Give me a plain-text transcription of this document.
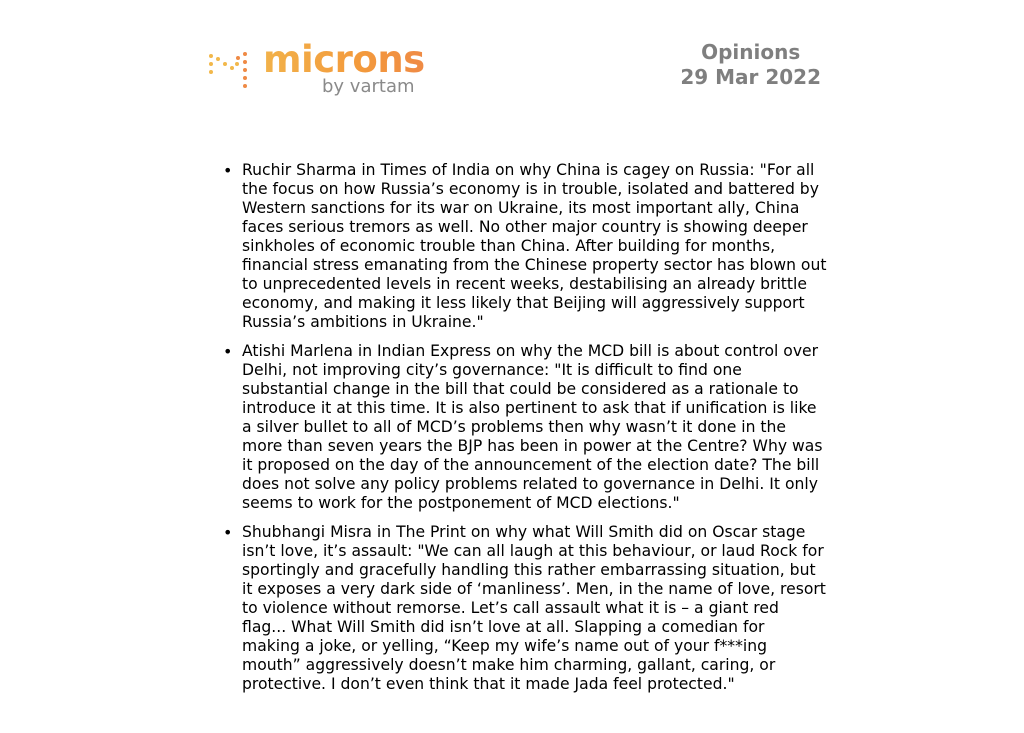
microns
by vartam
Opinions
29 Mar 2022
• Ruchir Sharma in Times of India on why China is cagey on Russia: "For all the focus on how Russia’s economy is in trouble, isolated and battered by Western sanctions for its war on Ukraine, its most important ally, China faces serious tremors as well. No other major country is showing deeper sinkholes of economic trouble than China. After building for months, financial stress emanating from the Chinese property sector has blown out to unprecedented levels in recent weeks, destabilising an already brittle economy, and making it less likely that Beijing will aggressively support Russia’s ambitions in Ukraine."
• Atishi Marlena in Indian Express on why the MCD bill is about control over Delhi, not improving city’s governance: "It is difficult to find one substantial change in the bill that could be considered as a rationale to introduce it at this time. It is also pertinent to ask that if unification is like a silver bullet to all of MCD’s problems then why wasn’t it done in the more than seven years the BJP has been in power at the Centre? Why was it proposed on the day of the announcement of the election date? The bill does not solve any policy problems related to governance in Delhi. It only seems to work for the postponement of MCD elections."
• Shubhangi Misra in The Print on why what Will Smith did on Oscar stage isn’t love, it’s assault: "We can all laugh at this behaviour, or laud Rock for sportingly and gracefully handling this rather embarrassing situation, but it exposes a very dark side of ‘manliness’. Men, in the name of love, resort to violence without remorse. Let’s call assault what it is – a giant red flag... What Will Smith did isn’t love at all. Slapping a comedian for making a joke, or yelling, “Keep my wife’s name out of your f***ing mouth” aggressively doesn’t make him charming, gallant, caring, or protective. I don’t even think that it made Jada feel protected."
